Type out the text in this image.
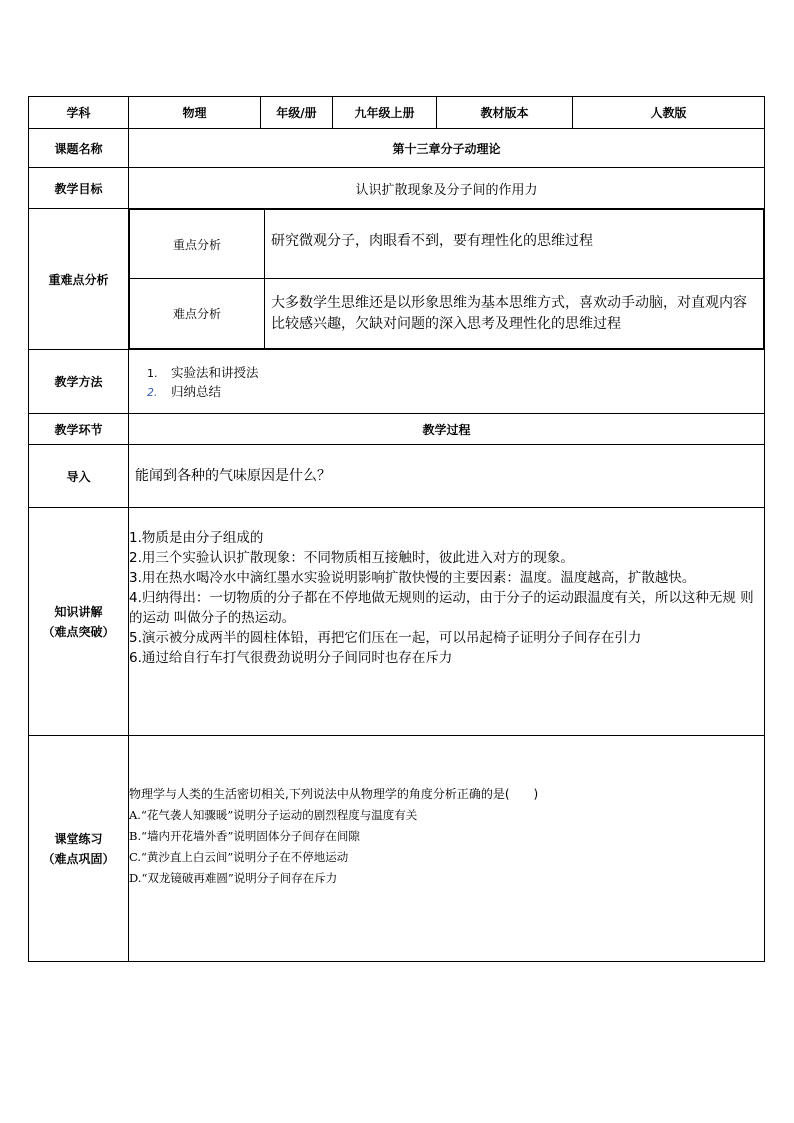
学科	物理	年级/册	九年级上册	教材版本	人教版
课题名称	第十三章分子动理论
教学目标	认识扩散现象及分子间的作用力
重难点分析	
重点分析	研究微观分子，肉眼看不到，要有理性化的思维过程
难点分析	大多数学生思维还是以形象思维为基本思维方式，喜欢动手动脑，对直观内容比较感兴趣，欠缺对问题的深入思考及理性化的思维过程

教学方法	
1. 实验法和讲授法
2. 归纳总结

教学环节	教学过程
导入	能闻到各种的气味原因是什么？

知识讲解
（难点突破）

1.物质是由分子组成的

2.用三个实验认识扩散现象：不同物质相互接触时，彼此进入对方的现象。

3.用在热水喝冷水中滴红墨水实验说明影响扩散快慢的主要因素：温度。温度越高，扩散越快。

4.归纳得出：一切物质的分子都在不停地做无规则的运动，由于分子的运动跟温度有关，所以这种无规 则的运动 叫做分子的热运动。

5.演示被分成两半的圆柱体铅，再把它们压在一起，可以吊起椅子证明分子间存在引力

6.通过给自行车打气很费劲说明分子间同时也存在斥力

课堂练习
（难点巩固）

物理学与人类的生活密切相关,下列说法中从物理学的角度分析正确的是(　　)

A.“花气袭人知骤暖”说明分子运动的剧烈程度与温度有关

B.“墙内开花墙外香”说明固体分子间存在间隙

C.“黄沙直上白云间”说明分子在不停地运动

D.“双龙镜破再难圆”说明分子间存在斥力
